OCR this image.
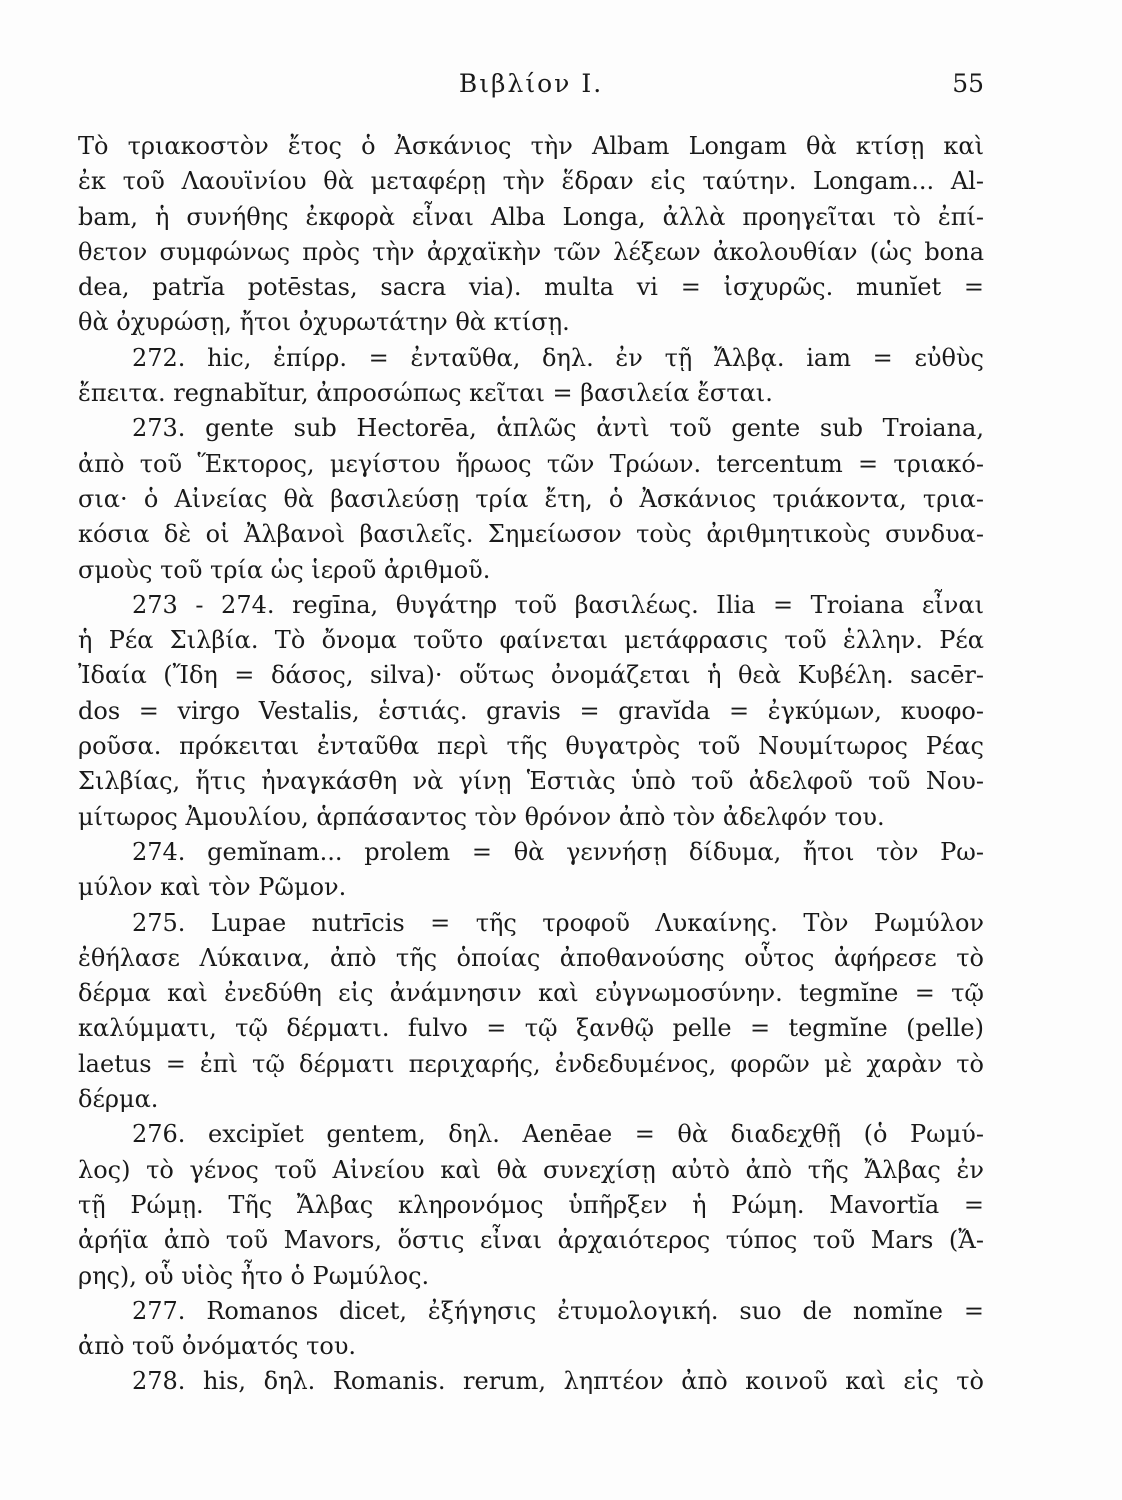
Βιβλίον Ι.	55
Τὸ τριακοστὸν ἔτος ὁ Ἀσκάνιος τὴν Albam Longam θὰ κτίσῃ καὶ
ἐκ τοῦ Λαουϊνίου θὰ μεταφέρῃ τὴν ἕδραν εἰς ταύτην. Longam... Al-
bam, ἡ συνήθης ἐκφορὰ εἶναι Alba Longa, ἀλλὰ προηγεῖται τὸ ἐπί-
θετον συμφώνως πρὸς τὴν ἀρχαϊκὴν τῶν λέξεων ἀκολουθίαν (ὡς bona
dea, patrĭa potēstas, sacra via). multa vi = ἰσχυρῶς. munĭet =
θὰ ὀχυρώσῃ, ἤτοι ὀχυρωτάτην θὰ κτίσῃ.
272. hic, ἐπίρρ. = ἐνταῦθα, δηλ. ἐν τῇ Ἄλβᾳ. iam = εὐθὺς
ἔπειτα. regnabĭtur, ἀπροσώπως κεῖται = βασιλεία ἔσται.
273. gente sub Hectorēa, ἁπλῶς ἀντὶ τοῦ gente sub Troiana,
ἀπὸ τοῦ Ἕκτορος, μεγίστου ἥρωος τῶν Τρώων. tercentum = τριακό-
σια· ὁ Αἰνείας θὰ βασιλεύσῃ τρία ἔτη, ὁ Ἀσκάνιος τριάκοντα, τρια-
κόσια δὲ οἱ Ἀλβανοὶ βασιλεῖς. Σημείωσον τοὺς ἀριθμητικοὺς συνδυα-
σμοὺς τοῦ τρία ὡς ἱεροῦ ἀριθμοῦ.
273 - 274. regīna, θυγάτηρ τοῦ βασιλέως. Ilia = Troiana εἶναι
ἡ Ρέα Σιλβία. Τὸ ὄνομα τοῦτο φαίνεται μετάφρασις τοῦ ἑλλην. Ρέα
Ἰδαία (Ἴδη = δάσος, silva)· οὕτως ὀνομάζεται ἡ θεὰ Κυβέλη. sacēr-
dos = virgo Vestalis, ἑστιάς. gravis = gravĭda = ἐγκύμων, κυοφο-
ροῦσα. πρόκειται ἐνταῦθα περὶ τῆς θυγατρὸς τοῦ Νουμίτωρος Ρέας
Σιλβίας, ἥτις ἠναγκάσθη νὰ γίνῃ Ἑστιὰς ὑπὸ τοῦ ἀδελφοῦ τοῦ Νου-
μίτωρος Ἀμουλίου, ἁρπάσαντος τὸν θρόνον ἀπὸ τὸν ἀδελφόν του.
274. gemĭnam... prolem = θὰ γεννήσῃ δίδυμα, ἤτοι τὸν Ρω-
μύλον καὶ τὸν Ρῶμον.
275. Lupae nutrīcis = τῆς τροφοῦ Λυκαίνης. Τὸν Ρωμύλον
ἐθήλασε Λύκαινα, ἀπὸ τῆς ὁποίας ἀποθανούσης οὗτος ἀφήρεσε τὸ
δέρμα καὶ ἐνεδύθη εἰς ἀνάμνησιν καὶ εὐγνωμοσύνην. tegmĭne = τῷ
καλύμματι, τῷ δέρματι. fulvo = τῷ ξανθῷ pelle = tegmĭne (pelle)
laetus = ἐπὶ τῷ δέρματι περιχαρής, ἐνδεδυμένος, φορῶν μὲ χαρὰν τὸ
δέρμα.
276. excipĭet gentem, δηλ. Aenēae = θὰ διαδεχθῇ (ὁ Ρωμύ-
λος) τὸ γένος τοῦ Αἰνείου καὶ θὰ συνεχίσῃ αὐτὸ ἀπὸ τῆς Ἄλβας ἐν
τῇ Ρώμῃ. Τῆς Ἄλβας κληρονόμος ὑπῆρξεν ἡ Ρώμη. Mavortĭa =
ἀρήϊα ἀπὸ τοῦ Mavors, ὅστις εἶναι ἀρχαιότερος τύπος τοῦ Mars (Ἄ-
ρης), οὗ υἱὸς ἦτο ὁ Ρωμύλος.
277. Romanos dicet, ἐξήγησις ἐτυμολογική. suo de nomĭne =
ἀπὸ τοῦ ὀνόματός του.
278. his, δηλ. Romanis. rerum, ληπτέον ἀπὸ κοινοῦ καὶ εἰς τὸ
